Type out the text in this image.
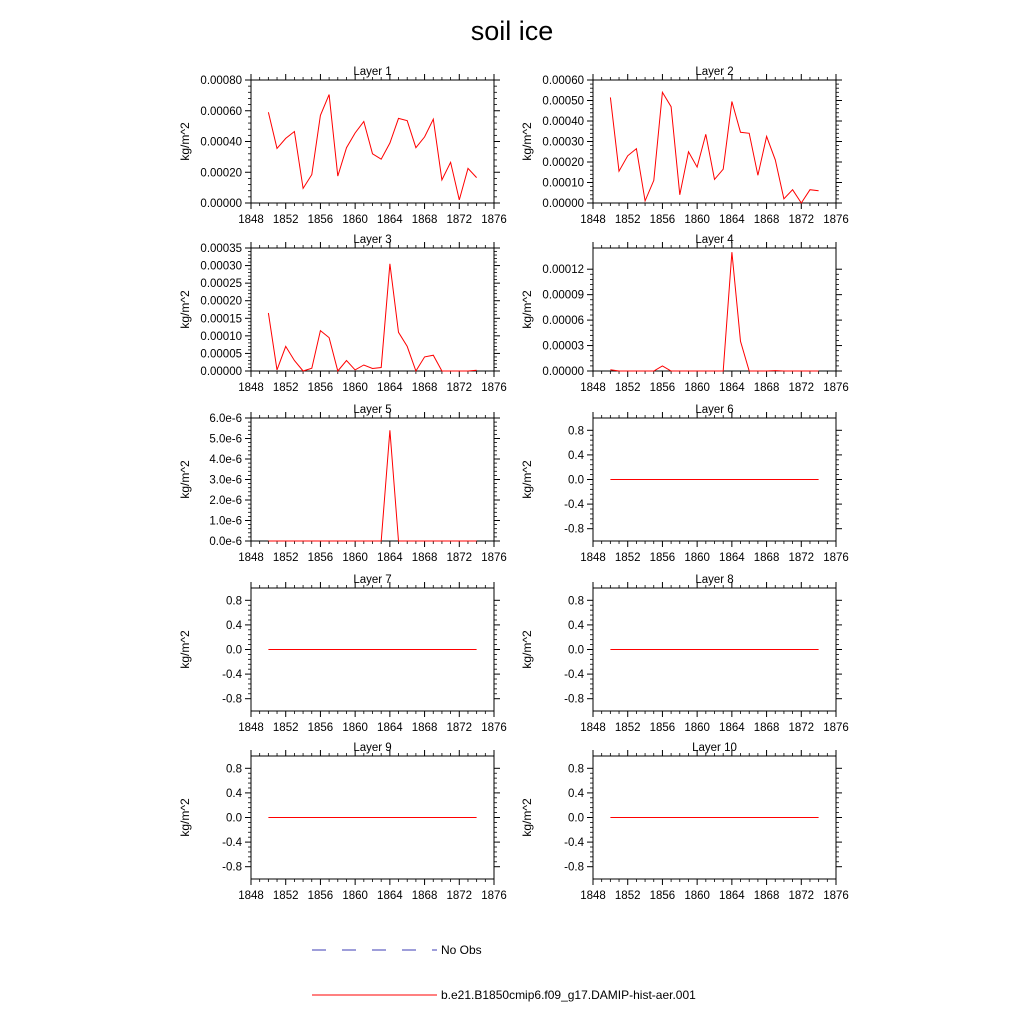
soil ice
Layer 1
1848 1852 1856 1860 1864 1868 1872 1876
0.00000
0.00020
0.00040
0.00060
0.00080
kg/m^2
Layer 2
1848 1852 1856 1860 1864 1868 1872 1876
0.00000
0.00010
0.00020
0.00030
0.00040
0.00050
0.00060
kg/m^2
Layer 3
1848 1852 1856 1860 1864 1868 1872 1876
0.00000
0.00005
0.00010
0.00015
0.00020
0.00025
0.00030
0.00035
kg/m^2
Layer 4
1848 1852 1856 1860 1864 1868 1872 1876
0.00000
0.00003
0.00006
0.00009
0.00012
kg/m^2
Layer 5
1848 1852 1856 1860 1864 1868 1872 1876
0.0e-6
1.0e-6
2.0e-6
3.0e-6
4.0e-6
5.0e-6
6.0e-6
kg/m^2
Layer 6
1848 1852 1856 1860 1864 1868 1872 1876
-0.8
-0.4
0.0
0.4
0.8
kg/m^2
Layer 7
1848 1852 1856 1860 1864 1868 1872 1876
-0.8
-0.4
0.0
0.4
0.8
kg/m^2
Layer 8
1848 1852 1856 1860 1864 1868 1872 1876
-0.8
-0.4
0.0
0.4
0.8
kg/m^2
Layer 9
1848 1852 1856 1860 1864 1868 1872 1876
-0.8
-0.4
0.0
0.4
0.8
kg/m^2
Layer 10
1848 1852 1856 1860 1864 1868 1872 1876
-0.8
-0.4
0.0
0.4
0.8
kg/m^2
No Obs
b.e21.B1850cmip6.f09_g17.DAMIP-hist-aer.001
